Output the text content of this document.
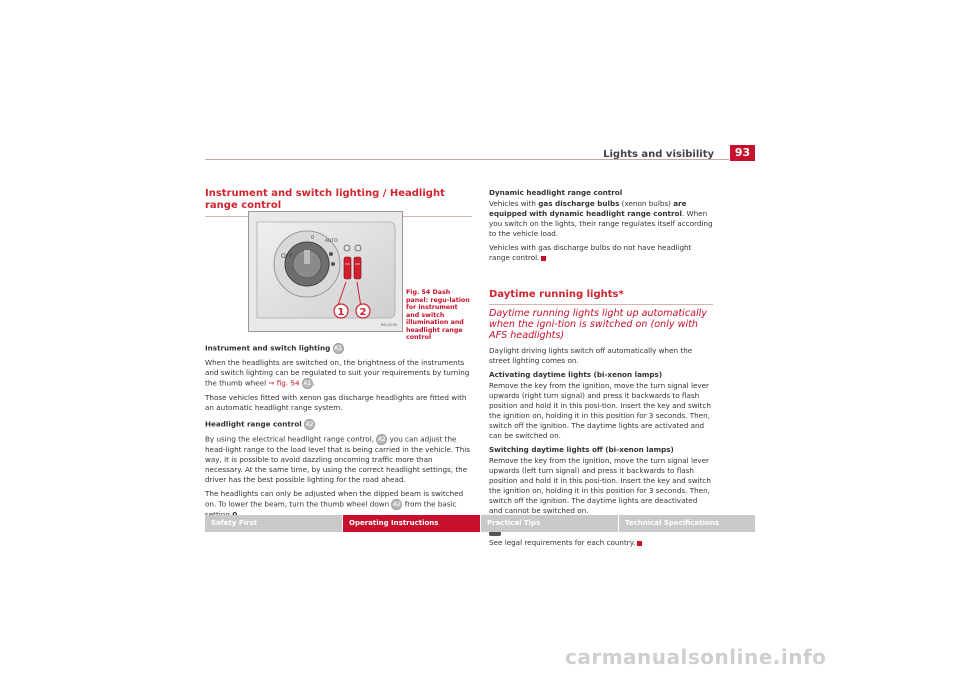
Lights and visibility	93
Instrument and switch lighting / Headlight range control
OFF
0
AUTO
1 2
B6J-0238
Fig. 54 Dash panel: regu-lation for instrument and switch illumination and headlight range control

Instrument and switch lighting A1

When the headlights are switched on, the brightness of the instruments and switch lighting can be regulated to suit your requirements by turning the thumb wheel ⇒ fig. 54 A1 .

Those vehicles fitted with xenon gas discharge headlights are fitted with an automatic headlight range system.

Headlight range control A2

By using the electrical headlight range control, A2 you can adjust the head-light range to the load level that is being carried in the vehicle. This way, it is possible to avoid dazzling oncoming traffic more than necessary. At the same time, by using the correct headlight settings, the driver has the best possible lighting for the road ahead.

The headlights can only be adjusted when the dipped beam is switched on. To lower the beam, turn the thumb wheel down A2 from the basic

Dynamic headlight range control

Vehicles with gas discharge bulbs (xenon bulbs) are equipped with dynamic headlight range control. When you switch on the lights, their range regulates itself according to the vehicle load.

Vehicles with gas discharge bulbs do not have headlight range control.

Daytime running lights*
Daytime running lights light up automatically when the igni-tion is switched on (only with AFS headlights)

Daylight driving lights switch off automatically when the street lighting comes on.

Activating daytime lights (bi-xenon lamps)

Remove the key from the ignition, move the turn signal lever upwards (right turn signal) and press it backwards to flash position and hold it in this posi-tion. Insert the key and switch the ignition on, holding it in this position for 3 seconds. Then, switch off the ignition. The daytime lights are activated and can be switched on.

Switching daytime lights off (bi-xenon lamps)

Remove the key from the ignition, move the turn signal lever upwards (left turn signal) and press it backwards to flash position and hold it in this posi-tion. Insert the key and switch the ignition on, holding it in this position for 3 seconds. Then, switch off the ignition. The daytime lights are deactivated and cannot be switched on.

See legal requirements for each country.

Safety First	Operating Instructions	Practical Tips	Technical Specifications
carmanualsonline.info
